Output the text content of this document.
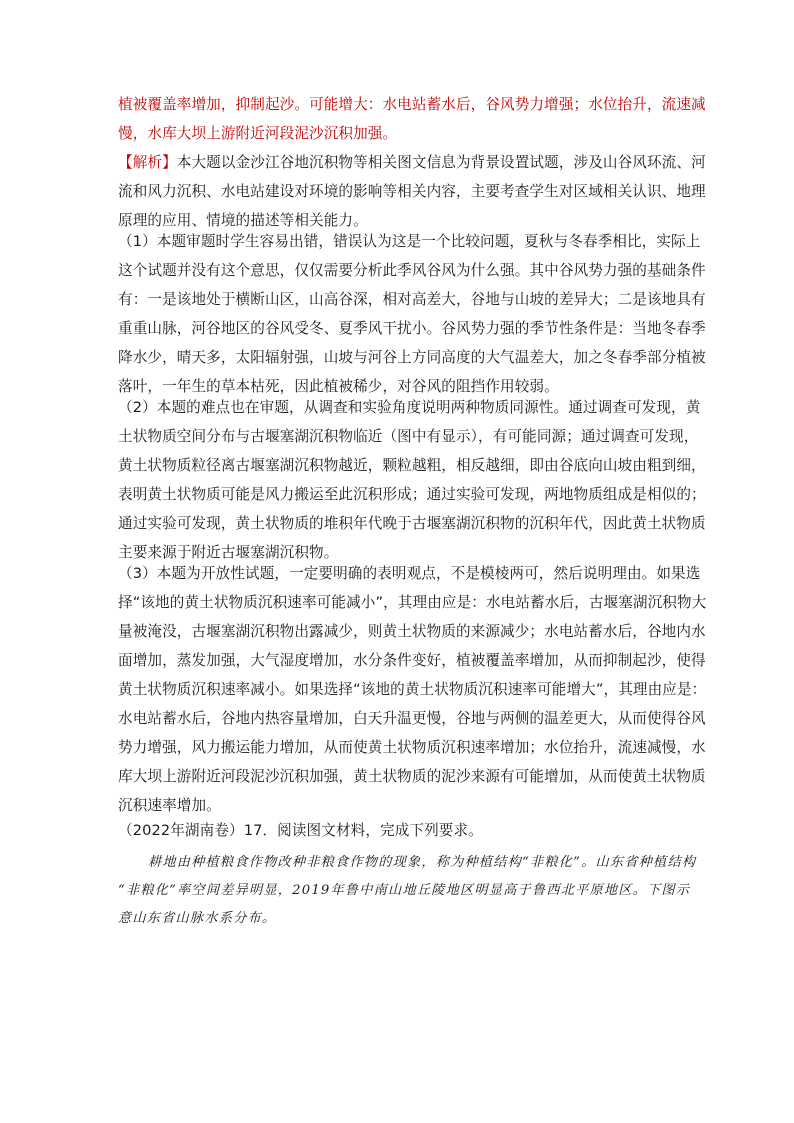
植被覆盖率增加，抑制起沙。可能增大：水电站蓄水后，谷风势力增强；水位抬升，流速减
慢，水库大坝上游附近河段泥沙沉积加强。
【解析】本大题以金沙江谷地沉积物等相关图文信息为背景设置试题，涉及山谷风环流、河
流和风力沉积、水电站建设对环境的影响等相关内容，主要考查学生对区域相关认识、地理
原理的应用、情境的描述等相关能力。
（1）本题审题时学生容易出错，错误认为这是一个比较问题，夏秋与冬春季相比，实际上
这个试题并没有这个意思，仅仅需要分析此季风谷风为什么强。其中谷风势力强的基础条件
有：一是该地处于横断山区，山高谷深，相对高差大，谷地与山坡的差异大；二是该地具有
重重山脉，河谷地区的谷风受冬、夏季风干扰小。谷风势力强的季节性条件是：当地冬春季
降水少，晴天多，太阳辐射强，山坡与河谷上方同高度的大气温差大，加之冬春季部分植被
落叶，一年生的草本枯死，因此植被稀少，对谷风的阻挡作用较弱。
（2）本题的难点也在审题，从调查和实验角度说明两种物质同源性。通过调查可发现，黄
土状物质空间分布与古堰塞湖沉积物临近（图中有显示），有可能同源；通过调查可发现，
黄土状物质粒径离古堰塞湖沉积物越近，颗粒越粗，相反越细，即由谷底向山坡由粗到细，
表明黄土状物质可能是风力搬运至此沉积形成；通过实验可发现，两地物质组成是相似的；
通过实验可发现，黄土状物质的堆积年代晚于古堰塞湖沉积物的沉积年代，因此黄土状物质
主要来源于附近古堰塞湖沉积物。
（3）本题为开放性试题，一定要明确的表明观点，不是模棱两可，然后说明理由。如果选
择“该地的黄土状物质沉积速率可能减小”，其理由应是：水电站蓄水后，古堰塞湖沉积物大
量被淹没，古堰塞湖沉积物出露减少，则黄土状物质的来源减少；水电站蓄水后，谷地内水
面增加，蒸发加强，大气湿度增加，水分条件变好，植被覆盖率增加，从而抑制起沙，使得
黄土状物质沉积速率减小。如果选择“该地的黄土状物质沉积速率可能增大”，其理由应是：
水电站蓄水后，谷地内热容量增加，白天升温更慢，谷地与两侧的温差更大，从而使得谷风
势力增强，风力搬运能力增加，从而使黄土状物质沉积速率增加；水位抬升，流速减慢，水
库大坝上游附近河段泥沙沉积加强，黄土状物质的泥沙来源有可能增加，从而使黄土状物质
沉积速率增加。
（2022年湖南卷）17．阅读图文材料，完成下列要求。
耕地由种植粮食作物改种非粮食作物的现象，称为种植结构“非粮化”。山东省种植结构
“非粮化”率空间差异明显，2019年鲁中南山地丘陵地区明显高于鲁西北平原地区。下图示
意山东省山脉水系分布。
